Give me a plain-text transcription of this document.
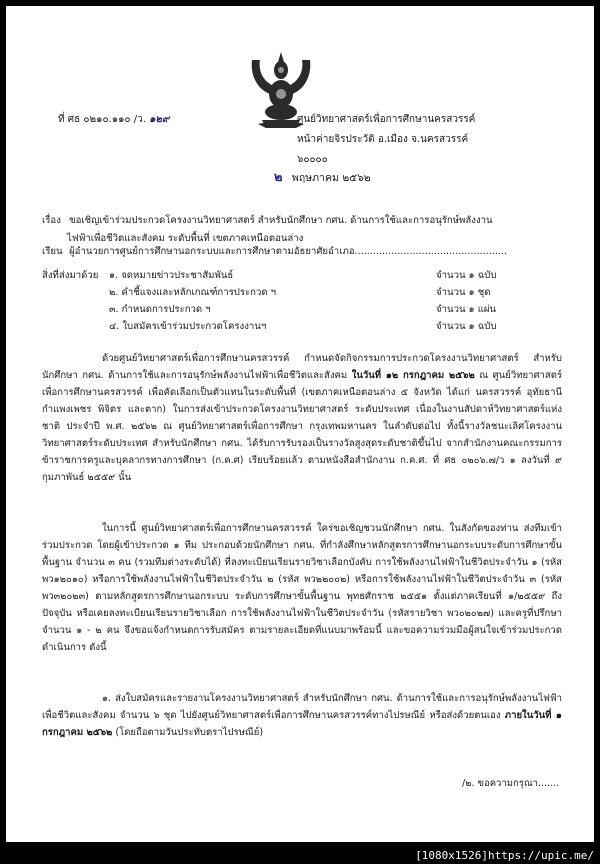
ที่ ศธ ๐๒๑๐.๑๑๐ /ว. ๑๒๙	ศูนย์วิทยาศาสตร์เพื่อการศึกษานครสวรรค์
หน้าค่ายจิรประวัติ อ.เมือง จ.นครสวรรค์
๖๐๐๐๐
๒ พฤษภาคม ๒๕๖๒
เรื่อง ขอเชิญเข้าร่วมประกวดโครงงานวิทยาศาสตร์ สำหรับนักศึกษา กศน. ด้านการใช้และการอนุรักษ์พลังงาน
ไฟฟ้าเพื่อชีวิตและสังคม ระดับพื้นที่ เขตภาคเหนือตอนล่าง
เรียน ผู้อำนวยการศูนย์การศึกษานอกระบบและการศึกษาตามอัธยาศัยอำเภอ..................................................
สิ่งที่ส่งมาด้วย ๑. จดหมายข่าวประชาสัมพันธ์	จำนวน ๑ ฉบับ
๒. คำชี้แจงและหลักเกณฑ์การประกวด ฯ	จำนวน ๑ ชุด
๓. กำหนดการประกวด ฯ	จำนวน ๑ แผ่น
๔. ใบสมัครเข้าร่วมประกวดโครงงานฯ	จำนวน ๑ ฉบับ
ด้วยศูนย์วิทยาศาสตร์เพื่อการศึกษานครสวรรค์ กำหนดจัดกิจกรรมการประกวดโครงงานวิทยาศาสตร์ สำหรับนักศึกษา กศน. ด้านการใช้และการอนุรักษ์พลังงานไฟฟ้าเพื่อชีวิตและสังคม ในวันที่ ๑๒ กรกฎาคม ๒๕๖๒ ณ ศูนย์วิทยาศาสตร์เพื่อการศึกษานครสวรรค์ เพื่อคัดเลือกเป็นตัวแทนในระดับพื้นที่ (เขตภาคเหนือตอนล่าง ๕ จังหวัด ได้แก่ นครสวรรค์ อุทัยธานี กำแพงเพชร พิจิตร และตาก) ในการส่งเข้าประกวดโครงงานวิทยาศาสตร์ ระดับประเทศ เนื่องในงานสัปดาห์วิทยาศาสตร์แห่งชาติ ประจำปี พ.ศ. ๒๕๖๒ ณ ศูนย์วิทยาศาสตร์เพื่อการศึกษา กรุงเทพมหานคร ในลำดับต่อไป ทั้งนี้รางวัลชนะเลิศโครงงานวิทยาศาสตร์ระดับประเทศ สำหรับนักศึกษา กศน. ได้รับการรับรองเป็นรางวัลสูงสุดระดับชาติขึ้นไป จากสำนักงานคณะกรรมการข้าราชการครูและบุคลากรทางการศึกษา (ก.ค.ศ) เรียบร้อยแล้ว ตามหนังสือสำนักงาน ก.ค.ศ. ที่ ศธ ๐๒๐๖.๗/ว ๑ ลงวันที่ ๙ กุมภาพันธ์ ๒๕๕๙ นั้น
ในการนี้ ศูนย์วิทยาศาสตร์เพื่อการศึกษานครสวรรค์ ใคร่ขอเชิญชวนนักศึกษา กศน. ในสังกัดของท่าน ส่งทีมเข้าร่วมประกวด โดยผู้เข้าประกวด ๑ ทีม ประกอบด้วยนักศึกษา กศน. ที่กำลังศึกษาหลักสูตรการศึกษานอกระบบระดับการศึกษาขั้นพื้นฐาน จำนวน ๓ คน (รวมทีมต่างระดับได้) ที่ลงทะเบียนเรียนรายวิชาเลือกบังคับ การใช้พลังงานไฟฟ้าในชีวิตประจำวัน ๑ (รหัส พว๑๒๐๑๐) หรือการใช้พลังงานไฟฟ้าในชีวิตประจำวัน ๒ (รหัส พว๒๒๐๐๒) หรือการใช้พลังงานไฟฟ้าในชีวิตประจำวัน ๓ (รหัส พว๓๒๐๒๓) ตามหลักสูตรการศึกษานอกระบบ ระดับการศึกษาขั้นพื้นฐาน พุทธศักราช ๒๕๕๑ ตั้งแต่ภาคเรียนที่ ๑/๒๕๕๙ ถึงปัจจุบัน หรือเคยลงทะเบียนเรียนรายวิชาเลือก การใช้พลังงานไฟฟ้าในชีวิตประจำวัน (รหัสรายวิชา พว๐๒๐๒๗) และครูที่ปรึกษา จำนวน ๑ - ๒ คน จึงขอแจ้งกำหนดการรับสมัคร ตามรายละเอียดที่แนบมาพร้อมนี้ และขอความร่วมมือผู้สนใจเข้าร่วมประกวดดำเนินการ ดังนี้
๑. ส่งใบสมัครและรายงานโครงงานวิทยาศาสตร์ สำหรับนักศึกษา กศน. ด้านการใช้และการอนุรักษ์พลังงานไฟฟ้าเพื่อชีวิตและสังคม จำนวน ๖ ชุด ไปยังศูนย์วิทยาศาสตร์เพื่อการศึกษานครสวรรค์ทางไปรษณีย์ หรือส่งด้วยตนเอง ภายในวันที่ ๑ กรกฎาคม ๒๕๖๒ (โดยถือตามวันประทับตราไปรษณีย์)
/๒. ขอความกรุณา.......
[1080x1526]https://upic.me/
